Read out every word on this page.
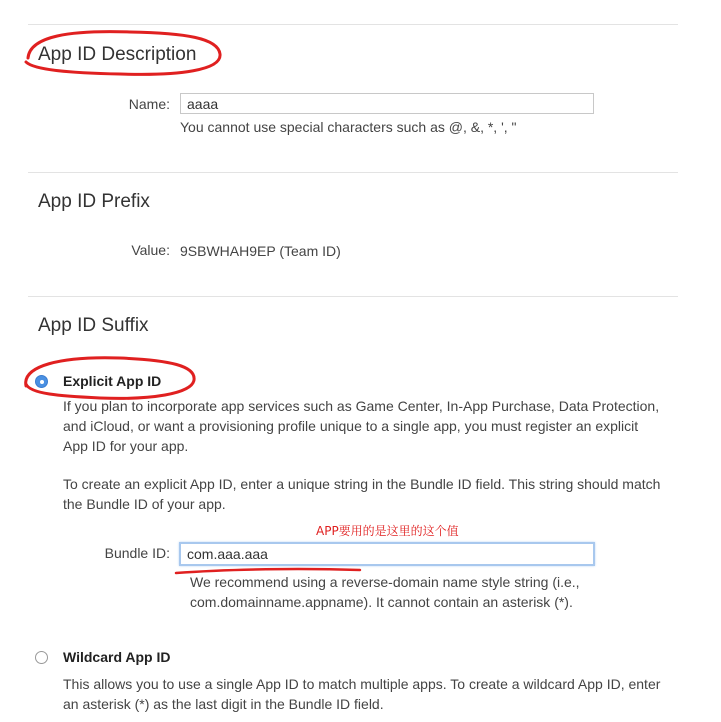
App ID Description
Name:
aaaa
You cannot use special characters such as @, &, *, ', "
App ID Prefix
Value: 9SBWHAH9EP (Team ID)
App ID Suffix
Explicit App ID

If you plan to incorporate app services such as Game Center, In-App Purchase, Data Protection, and iCloud, or want a provisioning profile unique to a single app, you must register an explicit App ID for your app.

To create an explicit App ID, enter a unique string in the Bundle ID field. This string should match the Bundle ID of your app.

APP要用的是这里的这个值
Bundle ID:
com.aaa.aaa

We recommend using a reverse-domain name style string (i.e., com.domainname.appname). It cannot contain an asterisk (*).

Wildcard App ID

This allows you to use a single App ID to match multiple apps. To create a wildcard App ID, enter an asterisk (*) as the last digit in the Bundle ID field.
